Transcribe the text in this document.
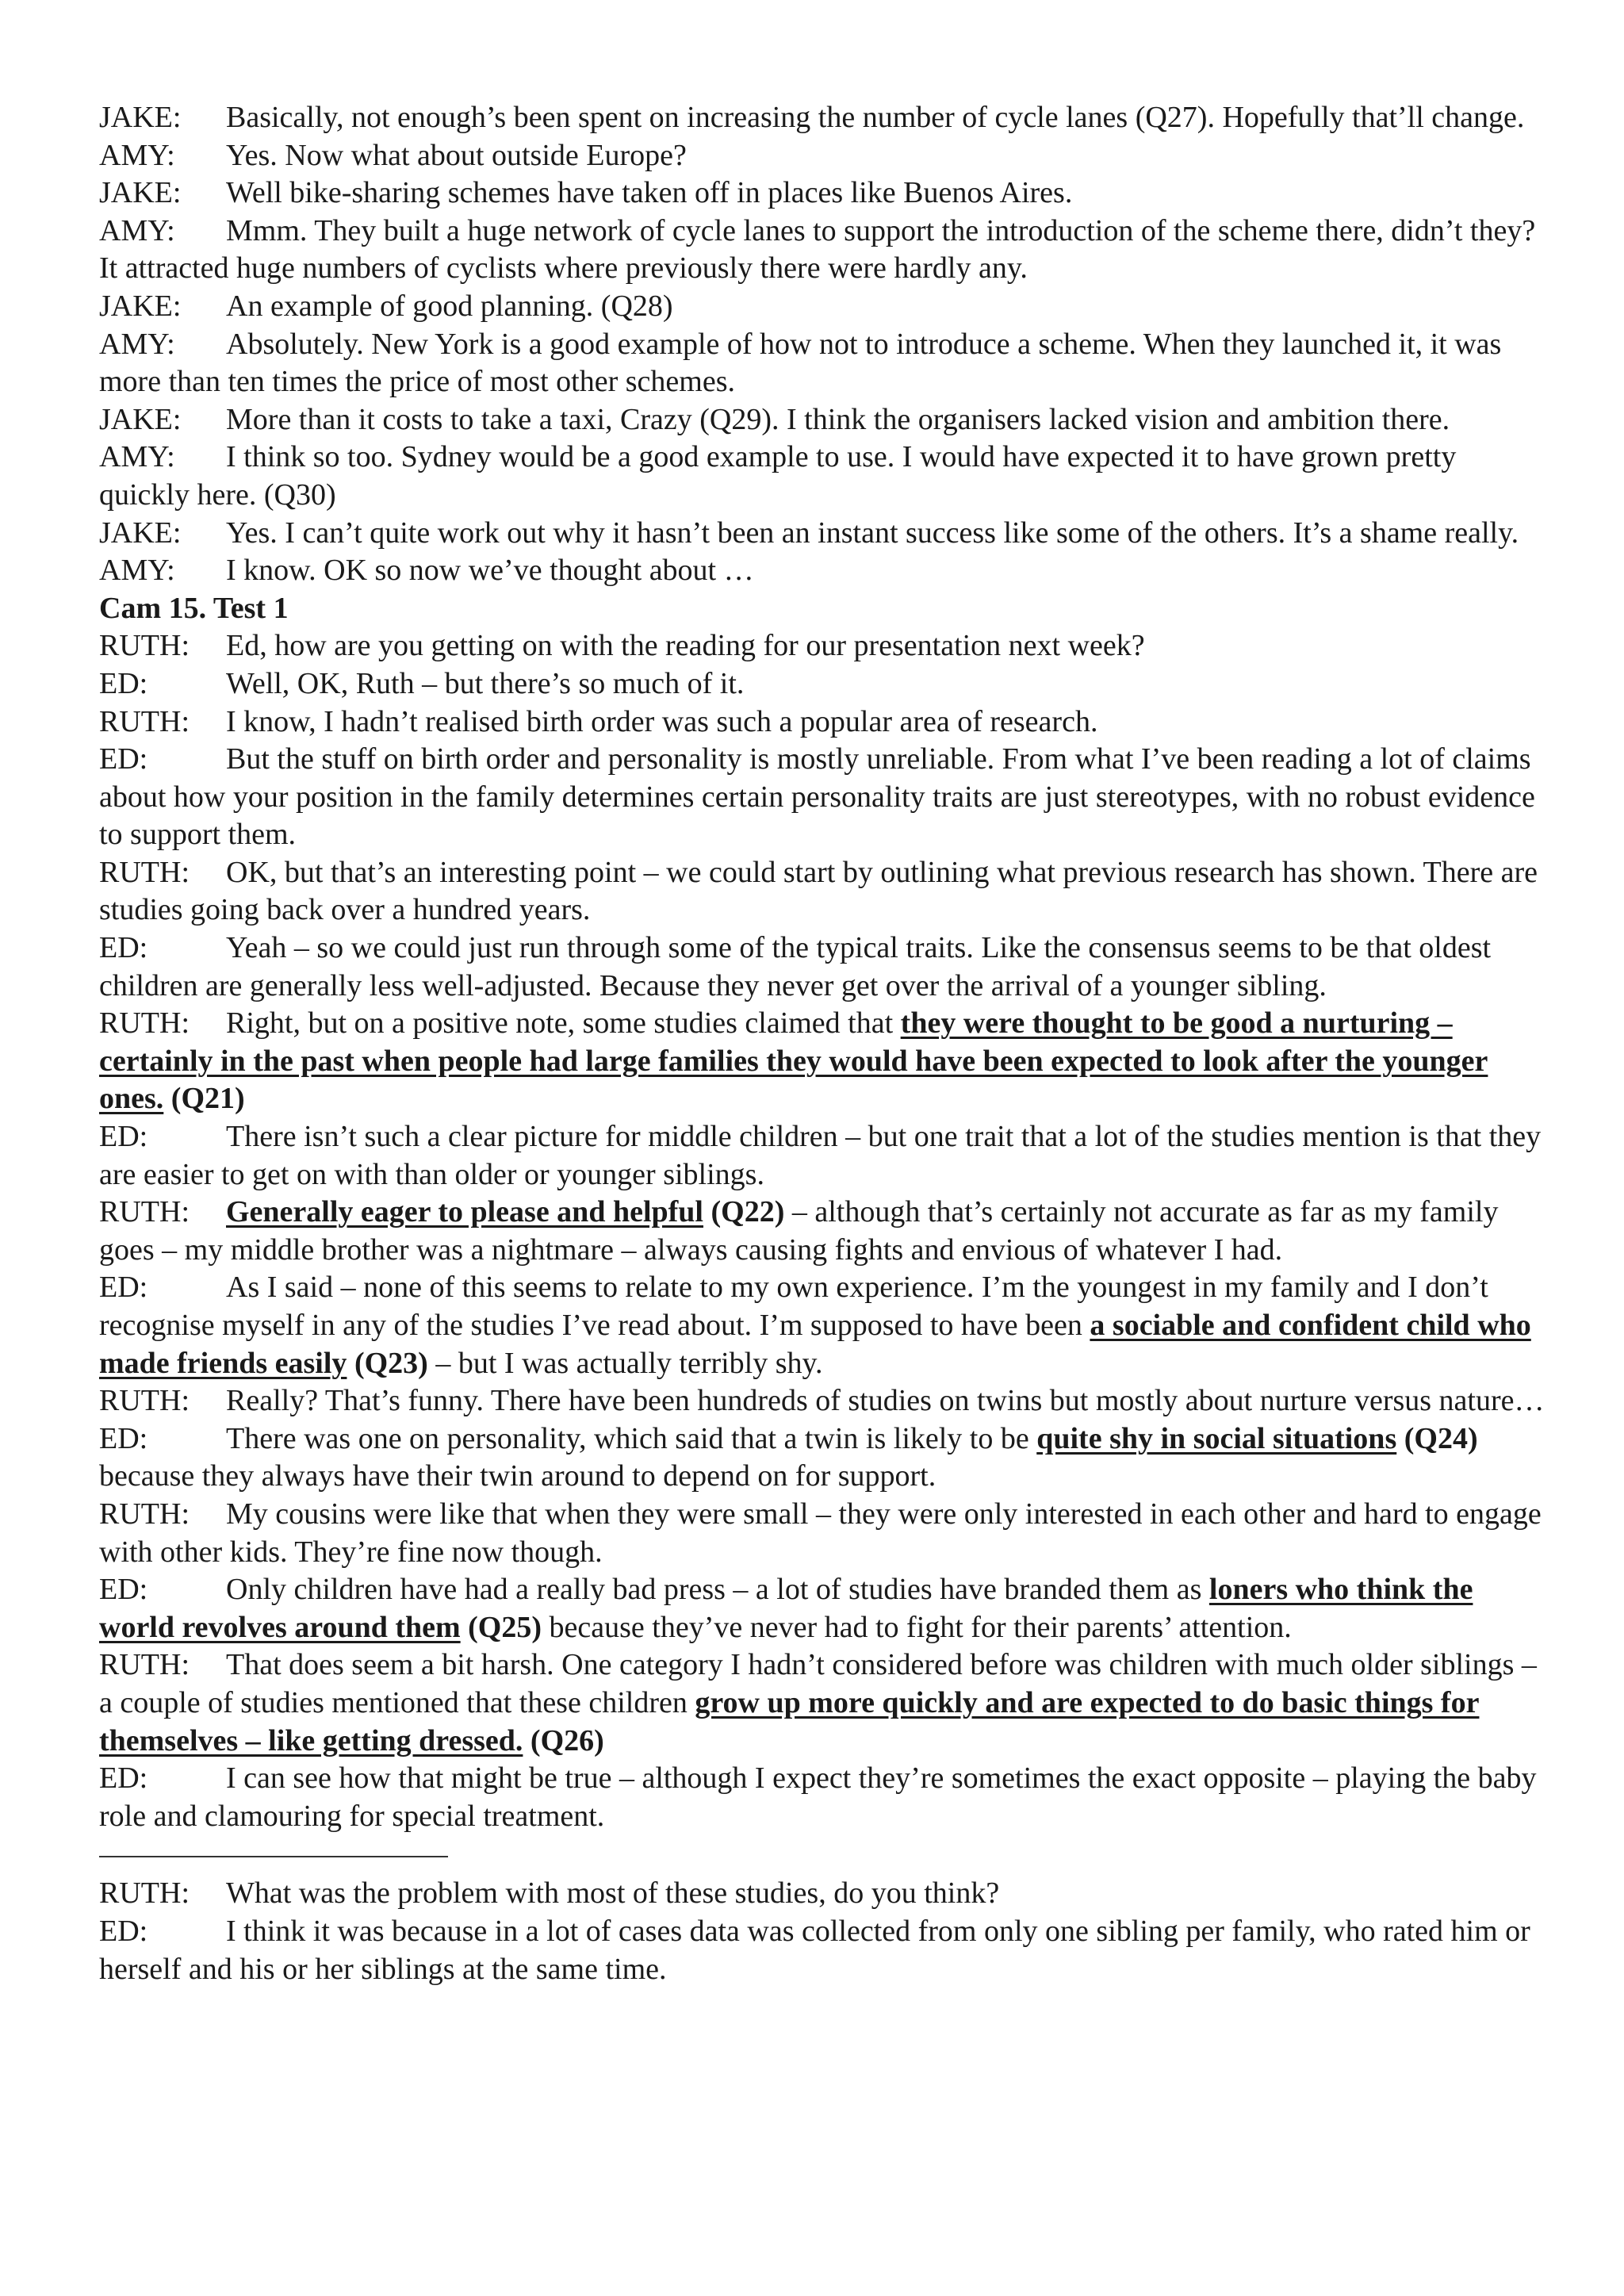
JAKE: Basically, not enough’s been spent on increasing the number of cycle lanes (Q27). Hopefully that’ll change.

AMY: Yes. Now what about outside Europe?

JAKE: Well bike-sharing schemes have taken off in places like Buenos Aires.

AMY: Mmm. They built a huge network of cycle lanes to support the introduction of the scheme there, didn’t they? It attracted huge numbers of cyclists where previously there were hardly any.

JAKE: An example of good planning. (Q28)

AMY: Absolutely. New York is a good example of how not to introduce a scheme. When they launched it, it was more than ten times the price of most other schemes.

JAKE: More than it costs to take a taxi, Crazy (Q29). I think the organisers lacked vision and ambition there.

AMY: I think so too. Sydney would be a good example to use. I would have expected it to have grown pretty quickly here. (Q30)

JAKE: Yes. I can’t quite work out why it hasn’t been an instant success like some of the others. It’s a shame really.

AMY: I know. OK so now we’ve thought about …

Cam 15. Test 1

RUTH: Ed, how are you getting on with the reading for our presentation next week?

ED:	Well, OK, Ruth – but there’s so much of it.

RUTH: I know, I hadn’t realised birth order was such a popular area of research.

ED:	But the stuff on birth order and personality is mostly unreliable. From what I’ve been reading a lot of claims about how your position in the family determines certain personality traits are just stereotypes, with no robust evidence to support them.

RUTH: OK, but that’s an interesting point – we could start by outlining what previous research has shown. There are studies going back over a hundred years.

ED:	Yeah – so we could just run through some of the typical traits. Like the consensus seems to be that oldest children are generally less well-adjusted. Because they never get over the arrival of a younger sibling.

RUTH: Right, but on a positive note, some studies claimed that they were thought to be good a nurturing – certainly in the past when people had large families they would have been expected to look after the younger ones. (Q21)

ED:	There isn’t such a clear picture for middle children – but one trait that a lot of the studies mention is that they are easier to get on with than older or younger siblings.

RUTH: Generally eager to please and helpful (Q22) – although that’s certainly not accurate as far as my family goes – my middle brother was a nightmare – always causing fights and envious of whatever I had.

ED:	As I said – none of this seems to relate to my own experience. I’m the youngest in my family and I don’t recognise myself in any of the studies I’ve read about. I’m supposed to have been a sociable and confident child who made friends easily (Q23) – but I was actually terribly shy.

RUTH: Really? That’s funny. There have been hundreds of studies on twins but mostly about nurture versus nature…

ED:	There was one on personality, which said that a twin is likely to be quite shy in social situations (Q24) because they always have their twin around to depend on for support.

RUTH: My cousins were like that when they were small – they were only interested in each other and hard to engage with other kids. They’re fine now though.

ED:	Only children have had a really bad press – a lot of studies have branded them as loners who think the world revolves around them (Q25) because they’ve never had to fight for their parents’ attention.

RUTH: That does seem a bit harsh. One category I hadn’t considered before was children with much older siblings – a couple of studies mentioned that these children grow up more quickly and are expected to do basic things for themselves – like getting dressed. (Q26)

ED:	I can see how that might be true – although I expect they’re sometimes the exact opposite – playing the baby role and clamouring for special treatment.

RUTH: What was the problem with most of these studies, do you think?

ED:	I think it was because in a lot of cases data was collected from only one sibling per family, who rated him or herself and his or her siblings at the same time.
